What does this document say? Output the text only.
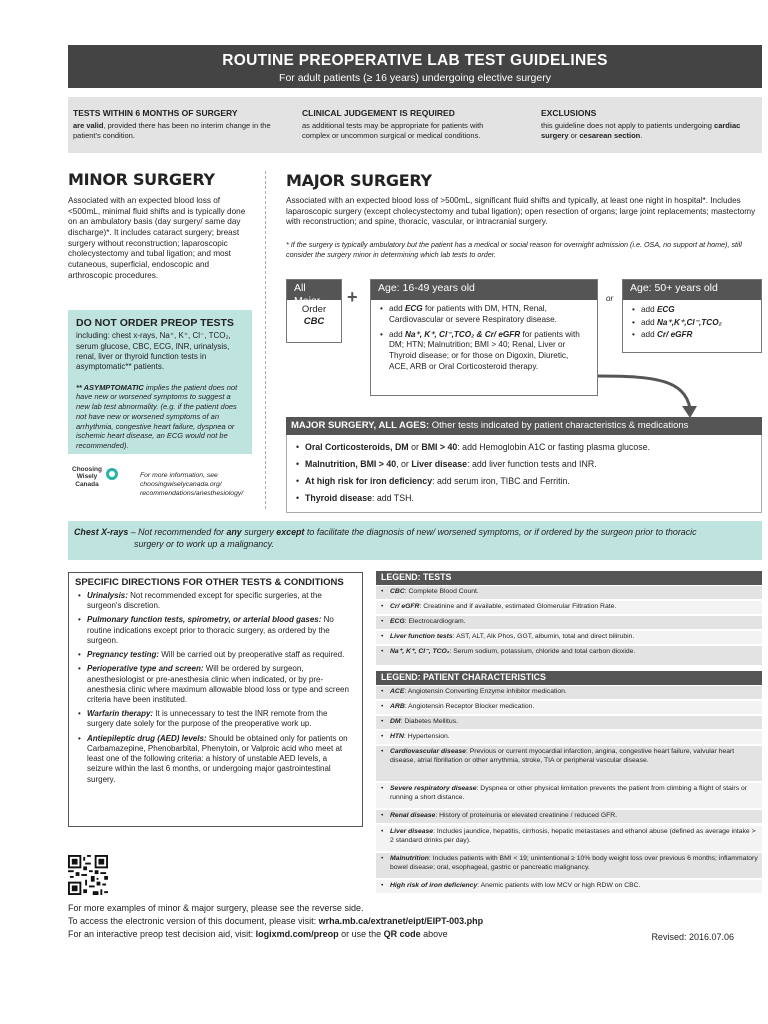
ROUTINE PREOPERATIVE LAB TEST GUIDELINES
For adult patients (≥ 16 years) undergoing elective surgery
TESTS WITHIN 6 MONTHS OF SURGERY
are valid, provided there has been no interim change in the patient's condition.
CLINICAL JUDGEMENT IS REQUIRED
as additional tests may be appropriate for patients with complex or uncommon surgical or medical conditions.
EXCLUSIONS
this guideline does not apply to patients undergoing cardiac surgery or cesarean section.
MINOR SURGERY
Associated with an expected blood loss of <500mL, minimal fluid shifts and is typically done on an ambulatory basis (day surgery/ same day discharge)*. It includes cataract surgery; breast surgery without reconstruction; laparoscopic cholecystectomy and tubal ligation; and most cutaneous, superficial, endoscopic and arthroscopic procedures.
DO NOT ORDER PREOP TESTS
including: chest x-rays, Na⁺, K⁺, Cl⁻, TCO₂, serum glucose, CBC, ECG, INR, urinalysis, renal, liver or thyroid function tests in asymptomatic** patients.
** ASYMPTOMATIC implies the patient does not have new or worsened symptoms to suggest a new lab test abnormality. (e.g. if the patient does not have new or worsened symptoms of an arrhythmia, congestive heart failure, dyspnea or ischemic heart disease, an ECG would not be recommended).
Choosing
Wisely
Canada
For more information, see choosingwiselycanada.org/ recommendations/anesthesiology/
MAJOR SURGERY
Associated with an expected blood loss of >500mL, significant fluid shifts and typically, at least one night in hospital*. Includes laparoscopic surgery (except cholecystectomy and tubal ligation); open resection of organs; large joint replacements; mastectomy with reconstruction; and spine, thoracic, vascular, or intracranial surgery.
* If the surgery is typically ambulatory but the patient has a medical or social reason for overnight admission (i.e. OSA, no support at home), still consider the surgery minor in determining which lab tests to order.
All Major
Order
CBC
+	Age: 16-49 years old
• add ECG for patients with DM, HTN, Renal, Cardiovascular or severe Respiratory disease.
• add Na⁺, K⁺, Cl⁻,TCO₂ & Cr/ eGFR for patients with DM; HTN; Malnutrition; BMI > 40; Renal, Liver or Thyroid disease; or for those on Digoxin, Diuretic, ACE, ARB or Oral Corticosteroid therapy.
or
Age: 50+ years old
• add ECG
• add Na⁺,K⁺,Cl⁻,TCO₂
• add Cr/ eGFR
MAJOR SURGERY, ALL AGES: Other tests indicated by patient characteristics & medications
• Oral Corticosteroids, DM or BMI > 40: add Hemoglobin A1C or fasting plasma glucose.
• Malnutrition, BMI > 40, or Liver disease: add liver function tests and INR.
• At high risk for iron deficiency: add serum iron, TIBC and Ferritin.
• Thyroid disease: add TSH.
Chest X-rays – Not recommended for any surgery except to facilitate the diagnosis of new/ worsened symptoms, or if ordered by the surgeon prior to thoracic
surgery or to work up a malignancy.
SPECIFIC DIRECTIONS FOR OTHER TESTS & CONDITIONS
• Urinalysis: Not recommended except for specific surgeries, at the surgeon's discretion.
• Pulmonary function tests, spirometry, or arterial blood gases: No routine indications except prior to thoracic surgery, as ordered by the surgeon.
• Pregnancy testing: Will be carried out by preoperative staff as required.
• Perioperative type and screen: Will be ordered by surgeon, anesthesiologist or pre-anesthesia clinic when indicated, or by pre-anesthesia clinic where maximum allowable blood loss or type and screen criteria have been instituted.
• Warfarin therapy: It is unnecessary to test the INR remote from the surgery date solely for the purpose of the preoperative work up.
• Antiepileptic drug (AED) levels: Should be obtained only for patients on Carbamazepine, Phenobarbital, Phenytoin, or Valproic acid who meet at least one of the following criteria: a history of unstable AED levels, a seizure within the last 6 months, or undergoing major gastrointestinal surgery.
LEGEND: TESTS
• CBC: Complete Blood Count.
• Cr/ eGFR: Creatinine and if available, estimated Glomerular Filtration Rate.
• ECG: Electrocardiogram.
• Liver function tests: AST, ALT, Alk Phos, GGT, albumin, total and direct bilirubin.
• Na⁺, K⁺, Cl⁻, TCO₂: Serum sodium, potassium, chloride and total carbon dioxide.
LEGEND: PATIENT CHARACTERISTICS
• ACE: Angiotensin Converting Enzyme inhibitor medication.
• ARB: Angiotensin Receptor Blocker medication.
• DM: Diabetes Mellitus.
• HTN: Hypertension.
• Cardiovascular disease: Previous or current myocardial infarction, angina, congestive heart failure, valvular heart disease, atrial fibrillation or other arrythmia, stroke, TIA or peripheral vascular disease.
• Severe respiratory disease: Dyspnea or other physical limitation prevents the patient from climbing a flight of stairs or running a short distance.
• Renal disease: History of proteinuria or elevated creatinine / reduced GFR.
• Liver disease: Includes jaundice, hepatitis, cirrhosis, hepatic metastases and ethanol abuse (defined as average intake > 2 standard drinks per day).
• Malnutrition: Includes patients with BMI < 19; unintentional ≥ 10% body weight loss over previous 6 months; inflammatory bowel disease; oral, esophageal, gastric or pancreatic malignancy.
• High risk of iron deficiency: Anemic patients with low MCV or high RDW on CBC.
For more examples of minor & major surgery, please see the reverse side.
To access the electronic version of this document, please visit: wrha.mb.ca/extranet/eipt/EIPT-003.php
For an interactive preop test decision aid, visit: logixmd.com/preop or use the QR code above	Revised: 2016.07.06
